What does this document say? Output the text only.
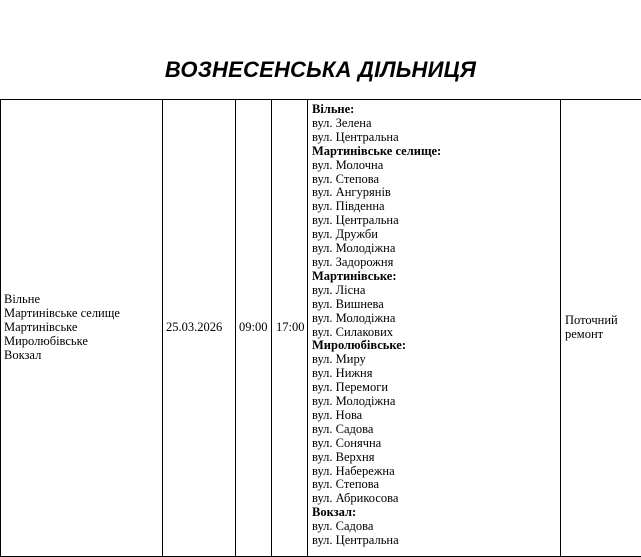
ВОЗНЕСЕНСЬКА ДІЛЬНИЦЯ
Вільне
Мартинівське селище
Мартинівське
Миролюбівське
Вокзал
25.03.2026	09:00 17:00
Вільне:
вул. Зелена
вул. Центральна
Мартинівське селище:
вул. Молочна
вул. Степова
вул. Ангурянів
вул. Південна
вул. Центральна
вул. Дружби
вул. Молодіжна
вул. Задорожня
Мартинівське:
вул. Лісна
вул. Вишнева
вул. Молодіжна
вул. Силакових
Миролюбівське:
вул. Миру
вул. Нижня
вул. Перемоги
вул. Молодіжна
вул. Нова
вул. Садова
вул. Сонячна
вул. Верхня
вул. Набережна
вул. Степова
вул. Абрикосова
Вокзал:
вул. Садова
вул. Центральна
Поточний
ремонт
